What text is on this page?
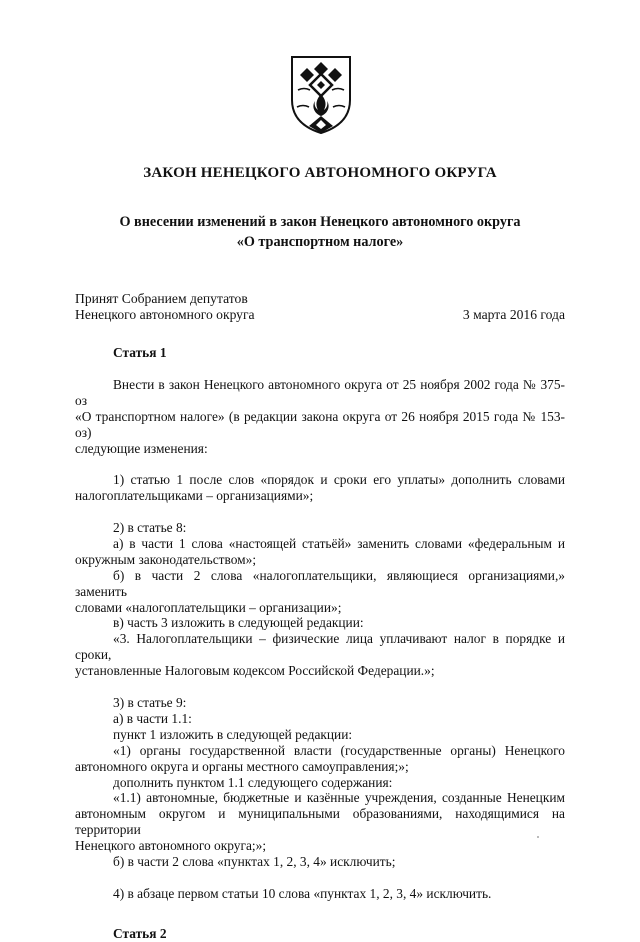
ЗАКОН НЕНЕЦКОГО АВТОНОМНОГО ОКРУГА
О внесении изменений в закон Ненецкого автономного округа
«О транспортном налоге»
Принят Собранием депутатов
Ненецкого автономного округа	3 марта 2016 года

Статья 1

Внести в закон Ненецкого автономного округа от 25 ноября 2002 года № 375-оз
«О транспортном налоге» (в редакции закона округа от 26 ноября 2015 года № 153-оз)
следующие изменения:

1) статью 1 после слов «порядок и сроки его уплаты» дополнить словами
налогоплательщиками – организациями»;

2) в статье 8:
а) в части 1 слова «настоящей статьёй» заменить словами «федеральным и
окружным законодательством»;
б) в части 2 слова «налогоплательщики, являющиеся организациями,» заменить
словами «налогоплательщики – организации»;
в) часть 3 изложить в следующей редакции:
«3. Налогоплательщики – физические лица уплачивают налог в порядке и сроки,
установленные Налоговым кодексом Российской Федерации.»;

3) в статье 9:
а) в части 1.1:
пункт 1 изложить в следующей редакции:
«1) органы государственной власти (государственные органы) Ненецкого
автономного округа и органы местного самоуправления;»;
дополнить пунктом 1.1 следующего содержания:
«1.1) автономные, бюджетные и казённые учреждения, созданные Ненецким
автономным округом и муниципальными образованиями, находящимися на территории
Ненецкого автономного округа;»;
б) в части 2 слова «пунктах 1, 2, 3, 4» исключить;

4) в абзаце первом статьи 10 слова «пунктах 1, 2, 3, 4» исключить.

Статья 2
